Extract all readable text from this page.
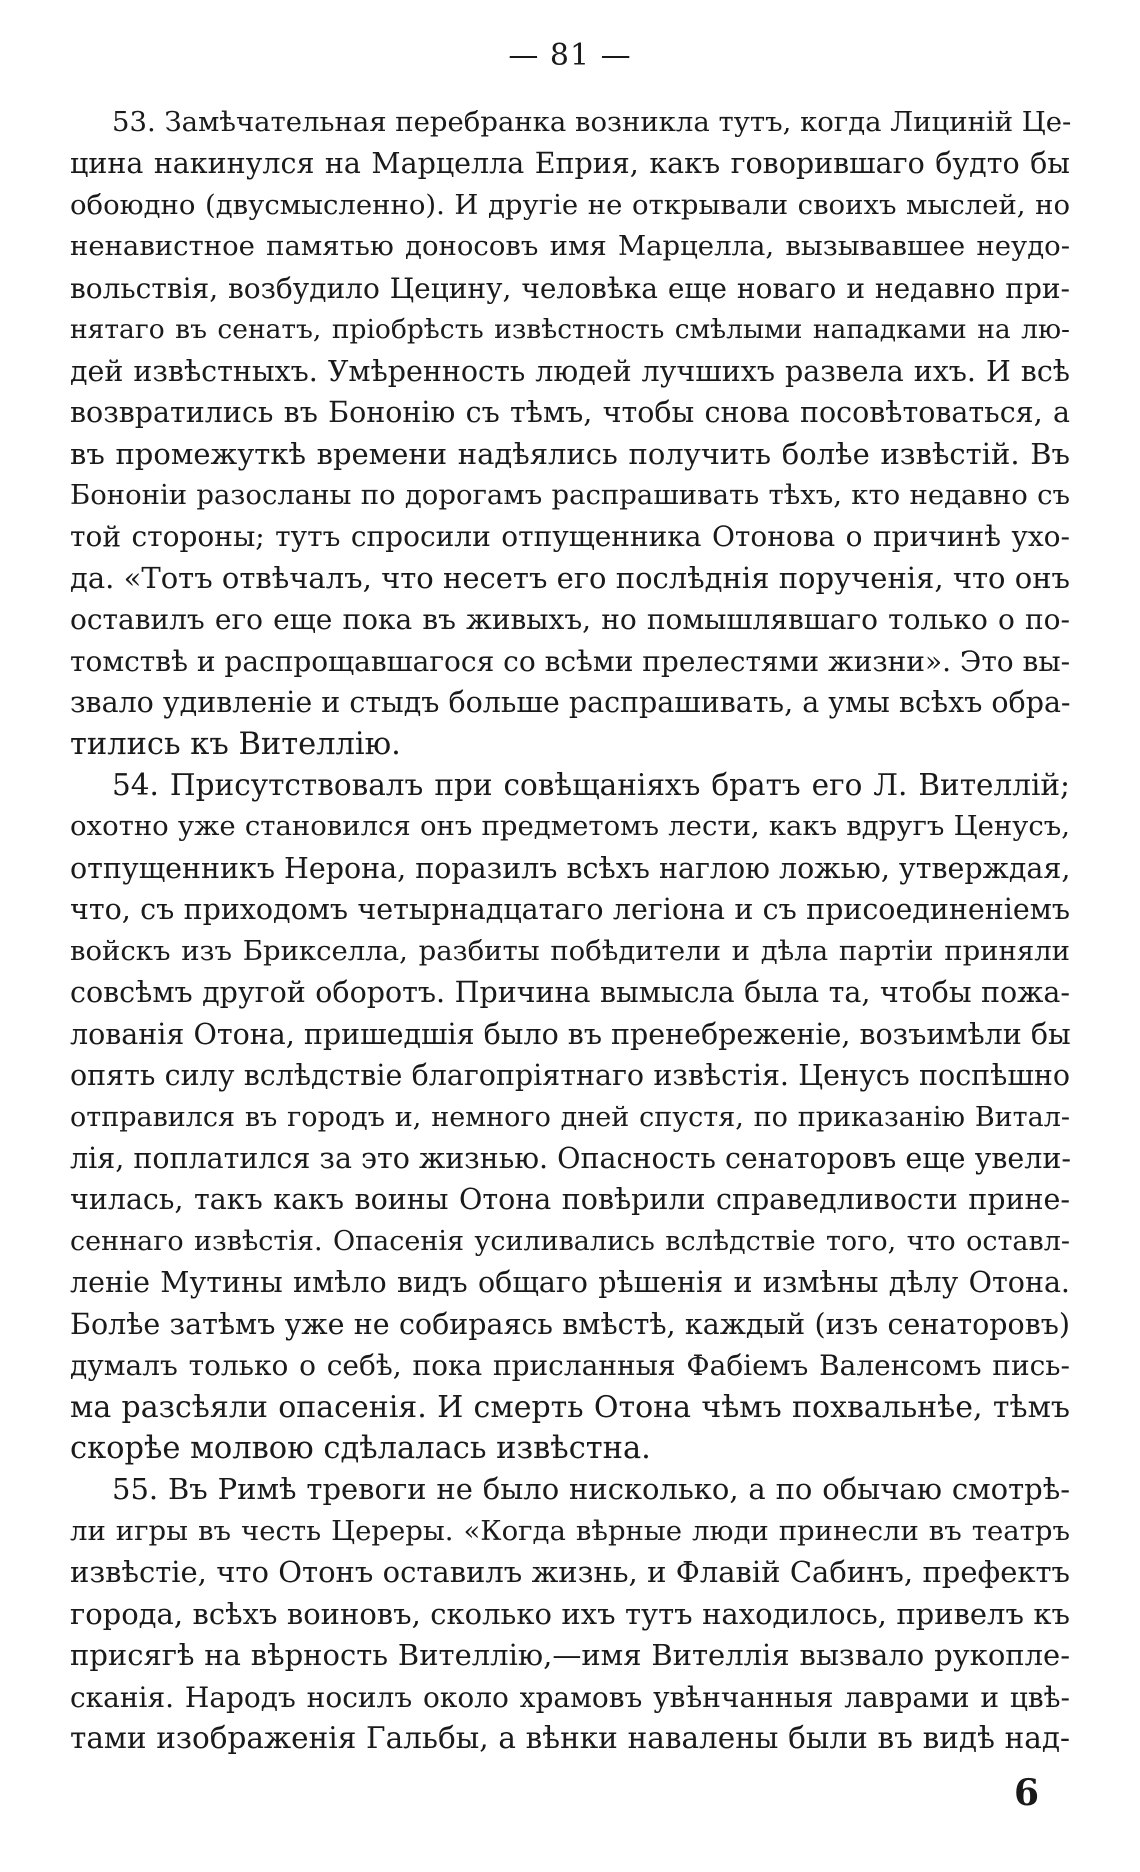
— 81 —
53. Замѣчательная перебранка возникла тутъ, когда Лициній Це-
цина накинулся на Марцелла Еприя, какъ говорившаго будто бы
обоюдно (двусмысленно). И другіе не открывали своихъ мыслей, но
ненавистное памятью доносовъ имя Марцелла, вызывавшее неудо-
вольствія, возбудило Цецину, человѣка еще новаго и недавно при-
нятаго въ сенатъ, пріобрѣсть извѣстность смѣлыми нападками на лю-
дей извѣстныхъ. Умѣренность людей лучшихъ развела ихъ. И всѣ
возвратились въ Бононію съ тѣмъ, чтобы снова посовѣтоваться, а
въ промежуткѣ времени надѣялись получить болѣе извѣстій. Въ
Бононіи разосланы по дорогамъ распрашивать тѣхъ, кто недавно съ
той стороны; тутъ спросили отпущенника Отонова о причинѣ ухо-
да. «Тотъ отвѣчалъ, что несетъ его послѣднія порученія, что онъ
оставилъ его еще пока въ живыхъ, но помышлявшаго только о по-
томствѣ и распрощавшагося со всѣми прелестями жизни». Это вы-
звало удивленіе и стыдъ больше распрашивать, а умы всѣхъ обра-
тились къ Вителлію.
54. Присутствовалъ при совѣщаніяхъ братъ его Л. Вителлій;
охотно уже становился онъ предметомъ лести, какъ вдругъ Ценусъ,
отпущенникъ Нерона, поразилъ всѣхъ наглою ложью, утверждая,
что, съ приходомъ четырнадцатаго легіона и съ присоединеніемъ
войскъ изъ Брикселла, разбиты побѣдители и дѣла партіи приняли
совсѣмъ другой оборотъ. Причина вымысла была та, чтобы пожа-
лованія Отона, пришедшія было въ пренебреженіе, возъимѣли бы
опять силу вслѣдствіе благопріятнаго извѣстія. Ценусъ поспѣшно
отправился въ городъ и, немного дней спустя, по приказанію Витал-
лія, поплатился за это жизнью. Опасность сенаторовъ еще увели-
чилась, такъ какъ воины Отона повѣрили справедливости прине-
сеннаго извѣстія. Опасенія усиливались вслѣдствіе того, что оставл-
леніе Мутины имѣло видъ общаго рѣшенія и измѣны дѣлу Отона.
Болѣе затѣмъ уже не собираясь вмѣстѣ, каждый (изъ сенаторовъ)
думалъ только о себѣ, пока присланныя Фабіемъ Валенсомъ пись-
ма разсѣяли опасенія. И смерть Отона чѣмъ похвальнѣе, тѣмъ
скорѣе молвою сдѣлалась извѣстна.
55. Въ Римѣ тревоги не было нисколько, а по обычаю смотрѣ-
ли игры въ честь Цереры. «Когда вѣрные люди принесли въ театръ
извѣстіе, что Отонъ оставилъ жизнь, и Флавій Сабинъ, префектъ
города, всѣхъ воиновъ, сколько ихъ тутъ находилось, привелъ къ
присягѣ на вѣрность Вителлію,—имя Вителлія вызвало рукопле-
сканія. Народъ носилъ около храмовъ увѣнчанныя лаврами и цвѣ-
тами изображенія Гальбы, а вѣнки навалены были въ видѣ над-
6
